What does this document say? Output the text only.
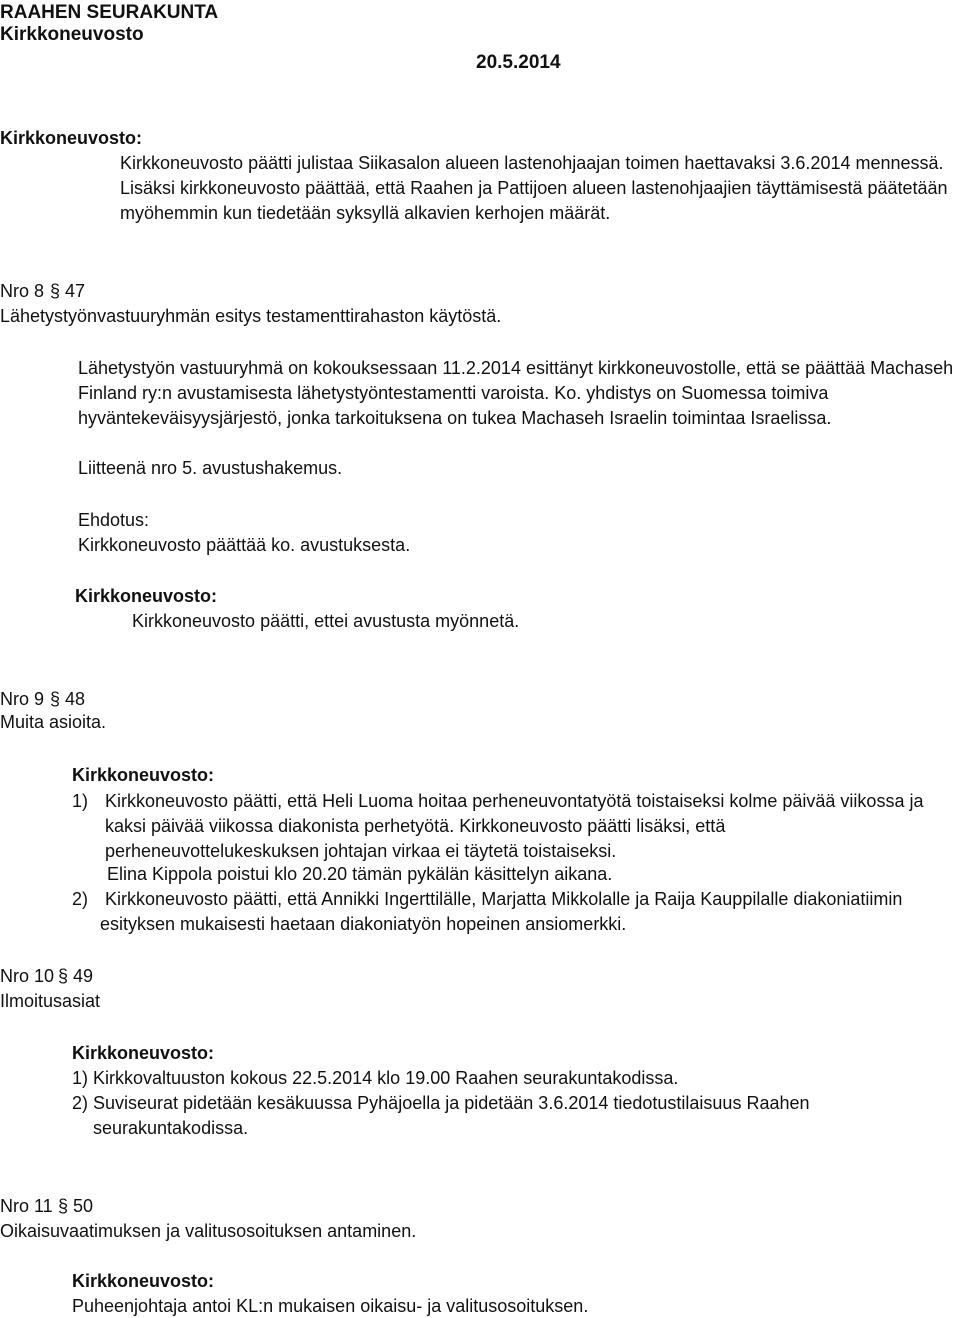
RAAHEN SEURAKUNTA
Kirkkoneuvosto
20.5.2014
Kirkkoneuvosto:
Kirkkoneuvosto päätti julistaa Siikasalon alueen lastenohjaajan toimen haettavaksi 3.6.2014 mennessä.
Lisäksi kirkkoneuvosto päättää, että Raahen ja Pattijoen alueen lastenohjaajien täyttämisestä päätetään
myöhemmin kun tiedetään syksyllä alkavien kerhojen määrät.
Nro 8 § 47
Lähetystyönvastuuryhmän esitys testamenttirahaston käytöstä.
Lähetystyön vastuuryhmä on kokouksessaan 11.2.2014 esittänyt kirkkoneuvostolle, että se päättää Machaseh
Finland ry:n avustamisesta lähetystyöntestamentti varoista. Ko. yhdistys on Suomessa toimiva
hyväntekeväisyysjärjestö, jonka tarkoituksena on tukea Machaseh Israelin toimintaa Israelissa.
Liitteenä nro 5. avustushakemus.
Ehdotus:
Kirkkoneuvosto päättää ko. avustuksesta.
Kirkkoneuvosto:
Kirkkoneuvosto päätti, ettei avustusta myönnetä.
Nro 9 § 48
Muita asioita.
Kirkkoneuvosto:
1) Kirkkoneuvosto päätti, että Heli Luoma hoitaa perheneuvontatyötä toistaiseksi kolme päivää viikossa ja
kaksi päivää viikossa diakonista perhetyötä. Kirkkoneuvosto päätti lisäksi, että
perheneuvottelukeskuksen johtajan virkaa ei täytetä toistaiseksi.
Elina Kippola poistui klo 20.20 tämän pykälän käsittelyn aikana.
2) Kirkkoneuvosto päätti, että Annikki Ingerttilälle, Marjatta Mikkolalle ja Raija Kauppilalle diakoniatiimin
esityksen mukaisesti haetaan diakoniatyön hopeinen ansiomerkki.
Nro 10 § 49
Ilmoitusasiat
Kirkkoneuvosto:
1) Kirkkovaltuuston kokous 22.5.2014 klo 19.00 Raahen seurakuntakodissa.
2) Suviseurat pidetään kesäkuussa Pyhäjoella ja pidetään 3.6.2014 tiedotustilaisuus Raahen
seurakuntakodissa.
Nro 11 § 50
Oikaisuvaatimuksen ja valitusosoituksen antaminen.
Kirkkoneuvosto:
Puheenjohtaja antoi KL:n mukaisen oikaisu- ja valitusosoituksen.
